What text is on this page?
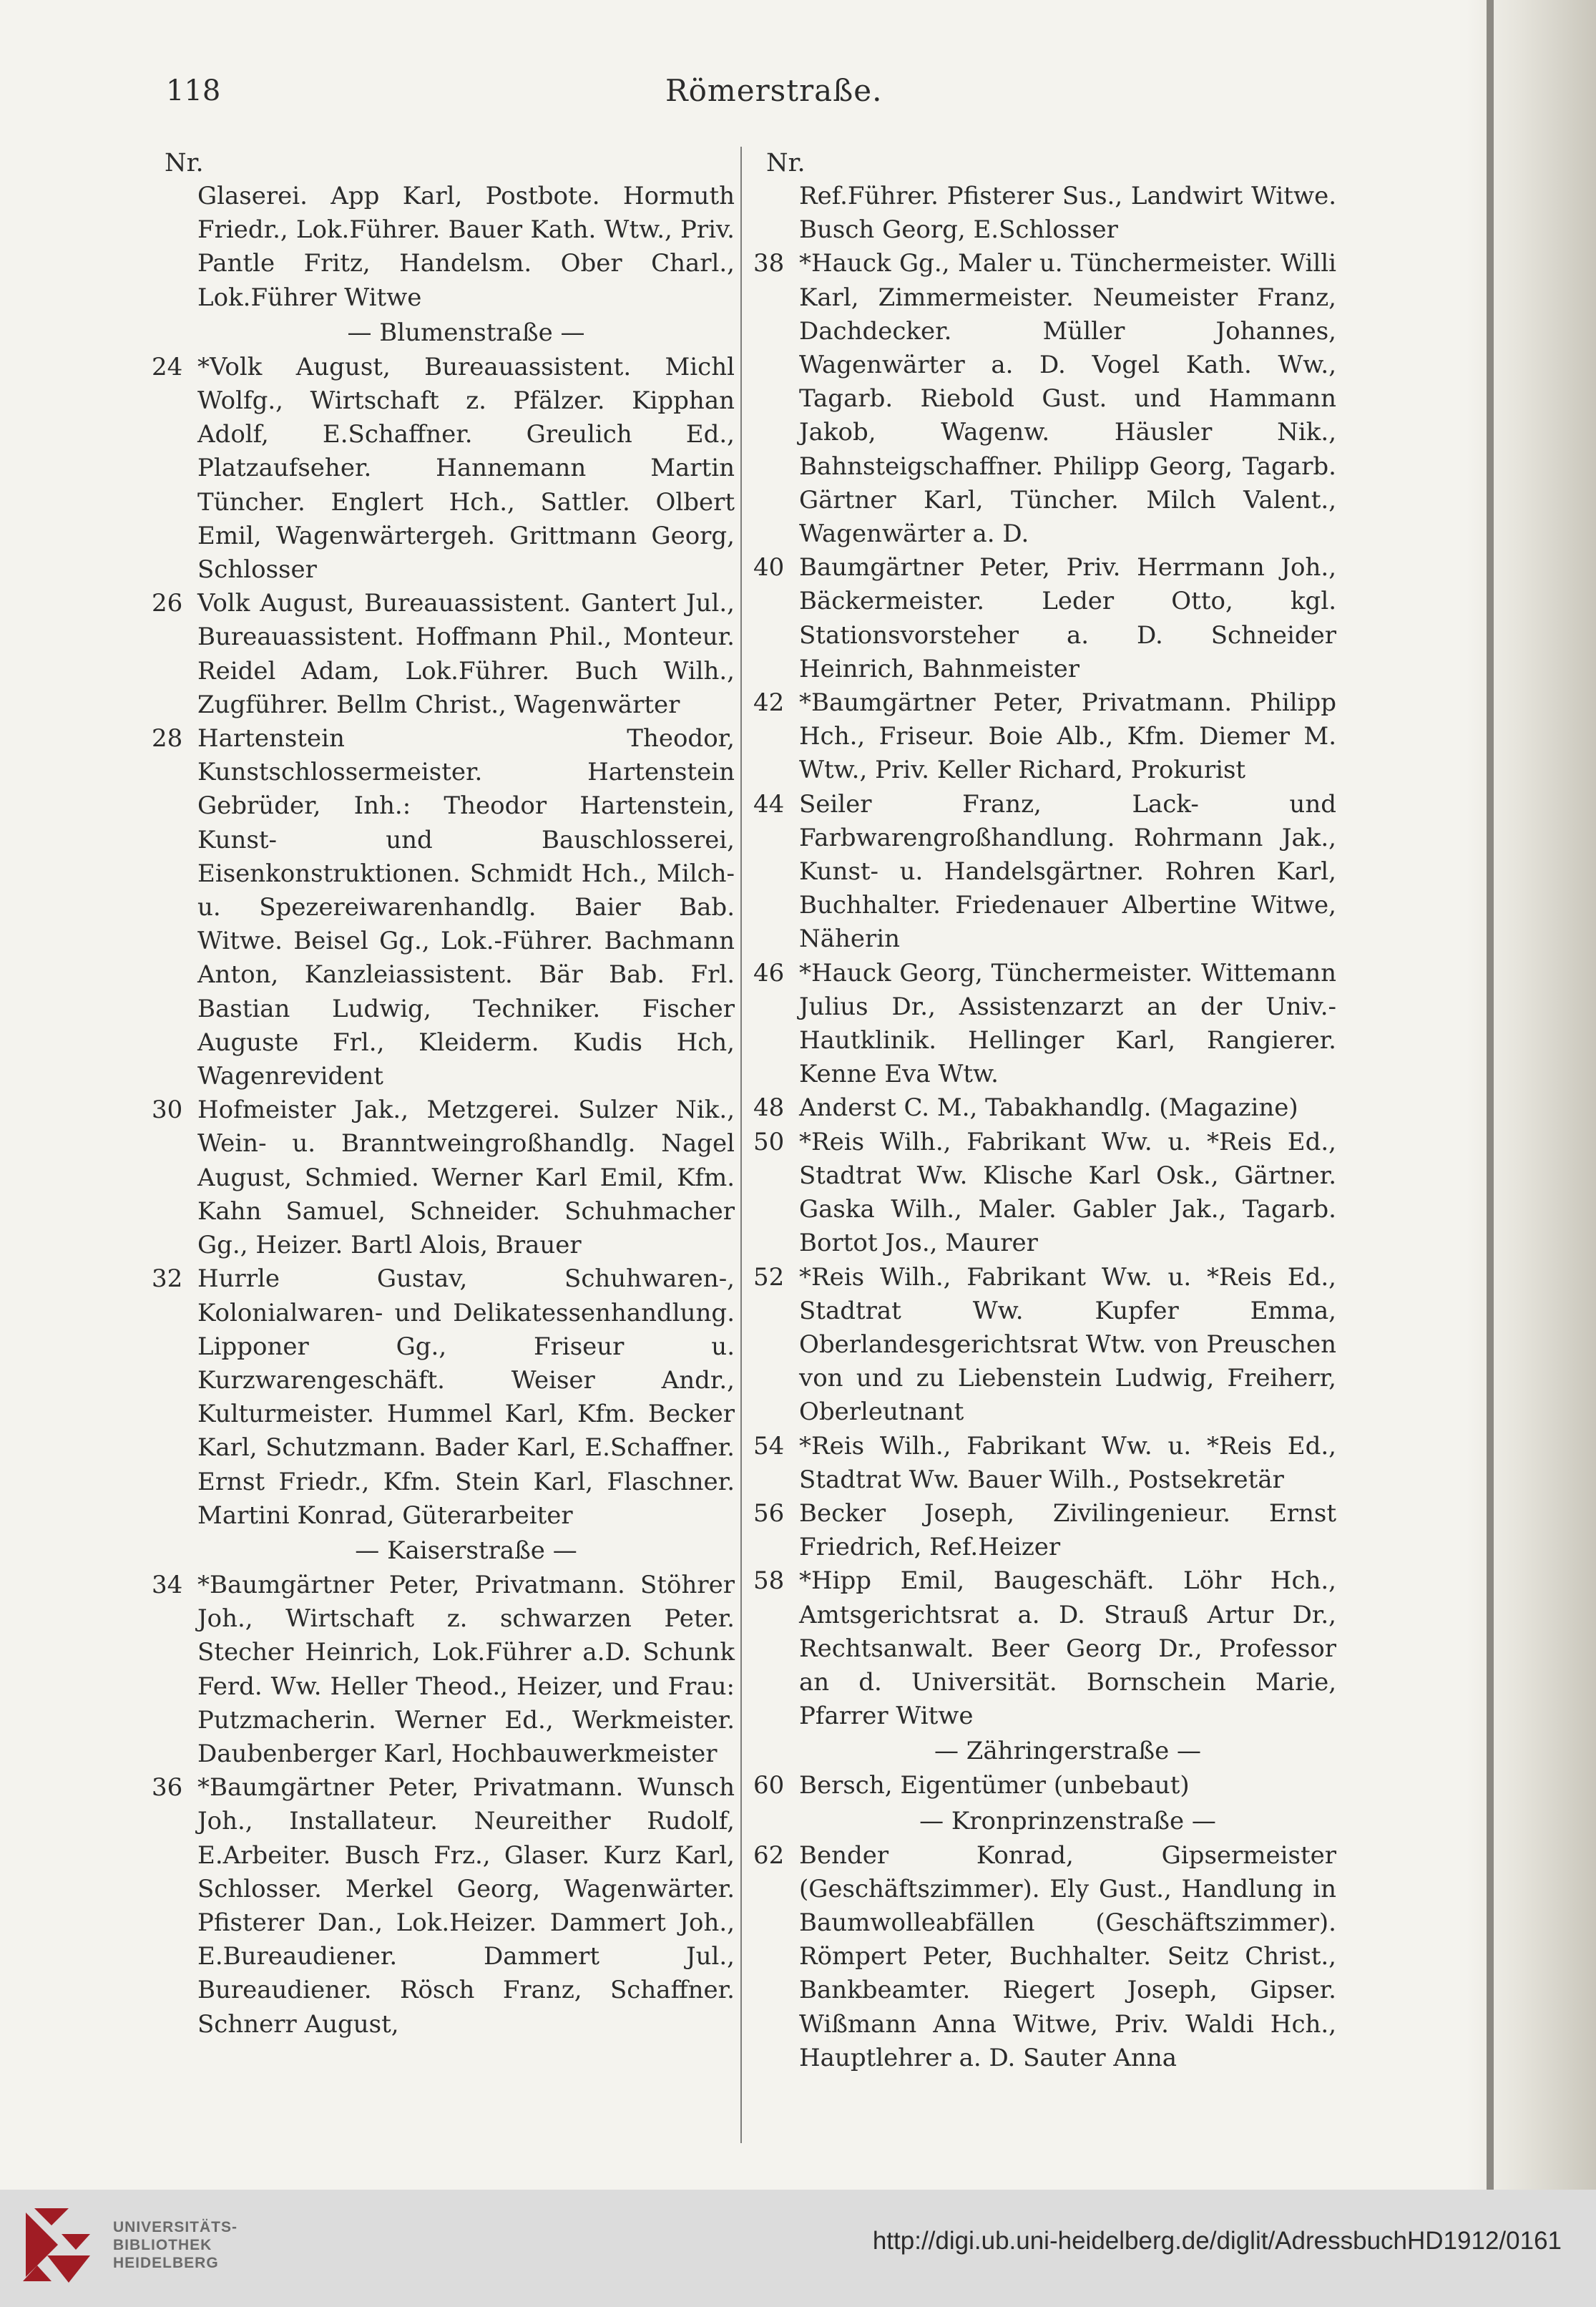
118	Römerstraße.
Nr.

Glaserei. App Karl, Postbote. Hormuth Friedr., Lok.Führer. Bauer Kath. Wtw., Priv. Pantle Fritz, Handelsm. Ober Charl., Lok.Führer Witwe

— Blumenstraße —

24 *Volk August, Bureauassistent. Michl Wolfg., Wirtschaft z. Pfälzer. Kipphan Adolf, E.Schaffner. Greulich Ed., Platzaufseher. Hannemann Martin Tüncher. Englert Hch., Sattler. Olbert Emil, Wagenwärtergeh. Grittmann Georg, Schlosser

26 Volk August, Bureauassistent. Gantert Jul., Bureauassistent. Hoffmann Phil., Monteur. Reidel Adam, Lok.Führer. Buch Wilh., Zugführer. Bellm Christ., Wagenwärter

28 Hartenstein Theodor, Kunstschlossermeister. Hartenstein Gebrüder, Inh.: Theodor Hartenstein, Kunst- und Bauschlosserei, Eisenkonstruktionen. Schmidt Hch., Milch- u. Spezereiwarenhandlg. Baier Bab. Witwe. Beisel Gg., Lok.-Führer. Bachmann Anton, Kanzleiassistent. Bär Bab. Frl. Bastian Ludwig, Techniker. Fischer Auguste Frl., Kleiderm. Kudis Hch, Wagenrevident

30 Hofmeister Jak., Metzgerei. Sulzer Nik., Wein- u. Branntweingroßhandlg. Nagel August, Schmied. Werner Karl Emil, Kfm. Kahn Samuel, Schneider. Schuhmacher Gg., Heizer. Bartl Alois, Brauer

32 Hurrle Gustav, Schuhwaren-, Kolonialwaren- und Delikatessenhandlung. Lipponer Gg., Friseur u. Kurzwarengeschäft. Weiser Andr., Kulturmeister. Hummel Karl, Kfm. Becker Karl, Schutzmann. Bader Karl, E.Schaffner. Ernst Friedr., Kfm. Stein Karl, Flaschner. Martini Konrad, Güterarbeiter

— Kaiserstraße —

34 *Baumgärtner Peter, Privatmann. Stöhrer Joh., Wirtschaft z. schwarzen Peter. Stecher Heinrich, Lok.Führer a.D. Schunk Ferd. Ww. Heller Theod., Heizer, und Frau: Putzmacherin. Werner Ed., Werkmeister. Daubenberger Karl, Hochbauwerkmeister

36 *Baumgärtner Peter, Privatmann. Wunsch Joh., Installateur. Neureither Rudolf, E.Arbeiter. Busch Frz., Glaser. Kurz Karl, Schlosser. Merkel Georg, Wagenwärter. Pfisterer Dan., Lok.Heizer. Dammert Joh., E.Bureaudiener. Dammert Jul., Bureaudiener. Rösch Franz, Schaffner. Schnerr August,

Nr.

Ref.Führer. Pfisterer Sus., Landwirt Witwe. Busch Georg, E.Schlosser

38 *Hauck Gg., Maler u. Tünchermeister. Willi Karl, Zimmermeister. Neumeister Franz, Dachdecker. Müller Johannes, Wagenwärter a. D. Vogel Kath. Ww., Tagarb. Riebold Gust. und Hammann Jakob, Wagenw. Häusler Nik., Bahnsteigschaffner. Philipp Georg, Tagarb. Gärtner Karl, Tüncher. Milch Valent., Wagenwärter a. D.

40 Baumgärtner Peter, Priv. Herrmann Joh., Bäckermeister. Leder Otto, kgl. Stationsvorsteher a. D. Schneider Heinrich, Bahnmeister

42 *Baumgärtner Peter, Privatmann. Philipp Hch., Friseur. Boie Alb., Kfm. Diemer M. Wtw., Priv. Keller Richard, Prokurist

44 Seiler Franz, Lack- und Farbwarengroßhandlung. Rohrmann Jak., Kunst- u. Handelsgärtner. Rohren Karl, Buchhalter. Friedenauer Albertine Witwe, Näherin

46 *Hauck Georg, Tünchermeister. Wittemann Julius Dr., Assistenzarzt an der Univ.-Hautklinik. Hellinger Karl, Rangierer. Kenne Eva Wtw.

48 Anderst C. M., Tabakhandlg. (Magazine)

50 *Reis Wilh., Fabrikant Ww. u. *Reis Ed., Stadtrat Ww. Klische Karl Osk., Gärtner. Gaska Wilh., Maler. Gabler Jak., Tagarb. Bortot Jos., Maurer

52 *Reis Wilh., Fabrikant Ww. u. *Reis Ed., Stadtrat Ww. Kupfer Emma, Oberlandesgerichtsrat Wtw. von Preuschen von und zu Liebenstein Ludwig, Freiherr, Oberleutnant

54 *Reis Wilh., Fabrikant Ww. u. *Reis Ed., Stadtrat Ww. Bauer Wilh., Postsekretär

56 Becker Joseph, Zivilingenieur. Ernst Friedrich, Ref.Heizer

58 *Hipp Emil, Baugeschäft. Löhr Hch., Amtsgerichtsrat a. D. Strauß Artur Dr., Rechtsanwalt. Beer Georg Dr., Professor an d. Universität. Bornschein Marie, Pfarrer Witwe

— Zähringerstraße —

60 Bersch, Eigentümer (unbebaut)

— Kronprinzenstraße —

62 Bender Konrad, Gipsermeister (Geschäftszimmer). Ely Gust., Handlung in Baumwolleabfällen (Geschäftszimmer). Römpert Peter, Buchhalter. Seitz Christ., Bankbeamter. Riegert Joseph, Gipser. Wißmann Anna Witwe, Priv. Waldi Hch., Hauptlehrer a. D. Sauter Anna

UNIVERSITÄTS-
BIBLIOTHEK
HEIDELBERG
http://digi.ub.uni-heidelberg.de/diglit/AdressbuchHD1912/0161
